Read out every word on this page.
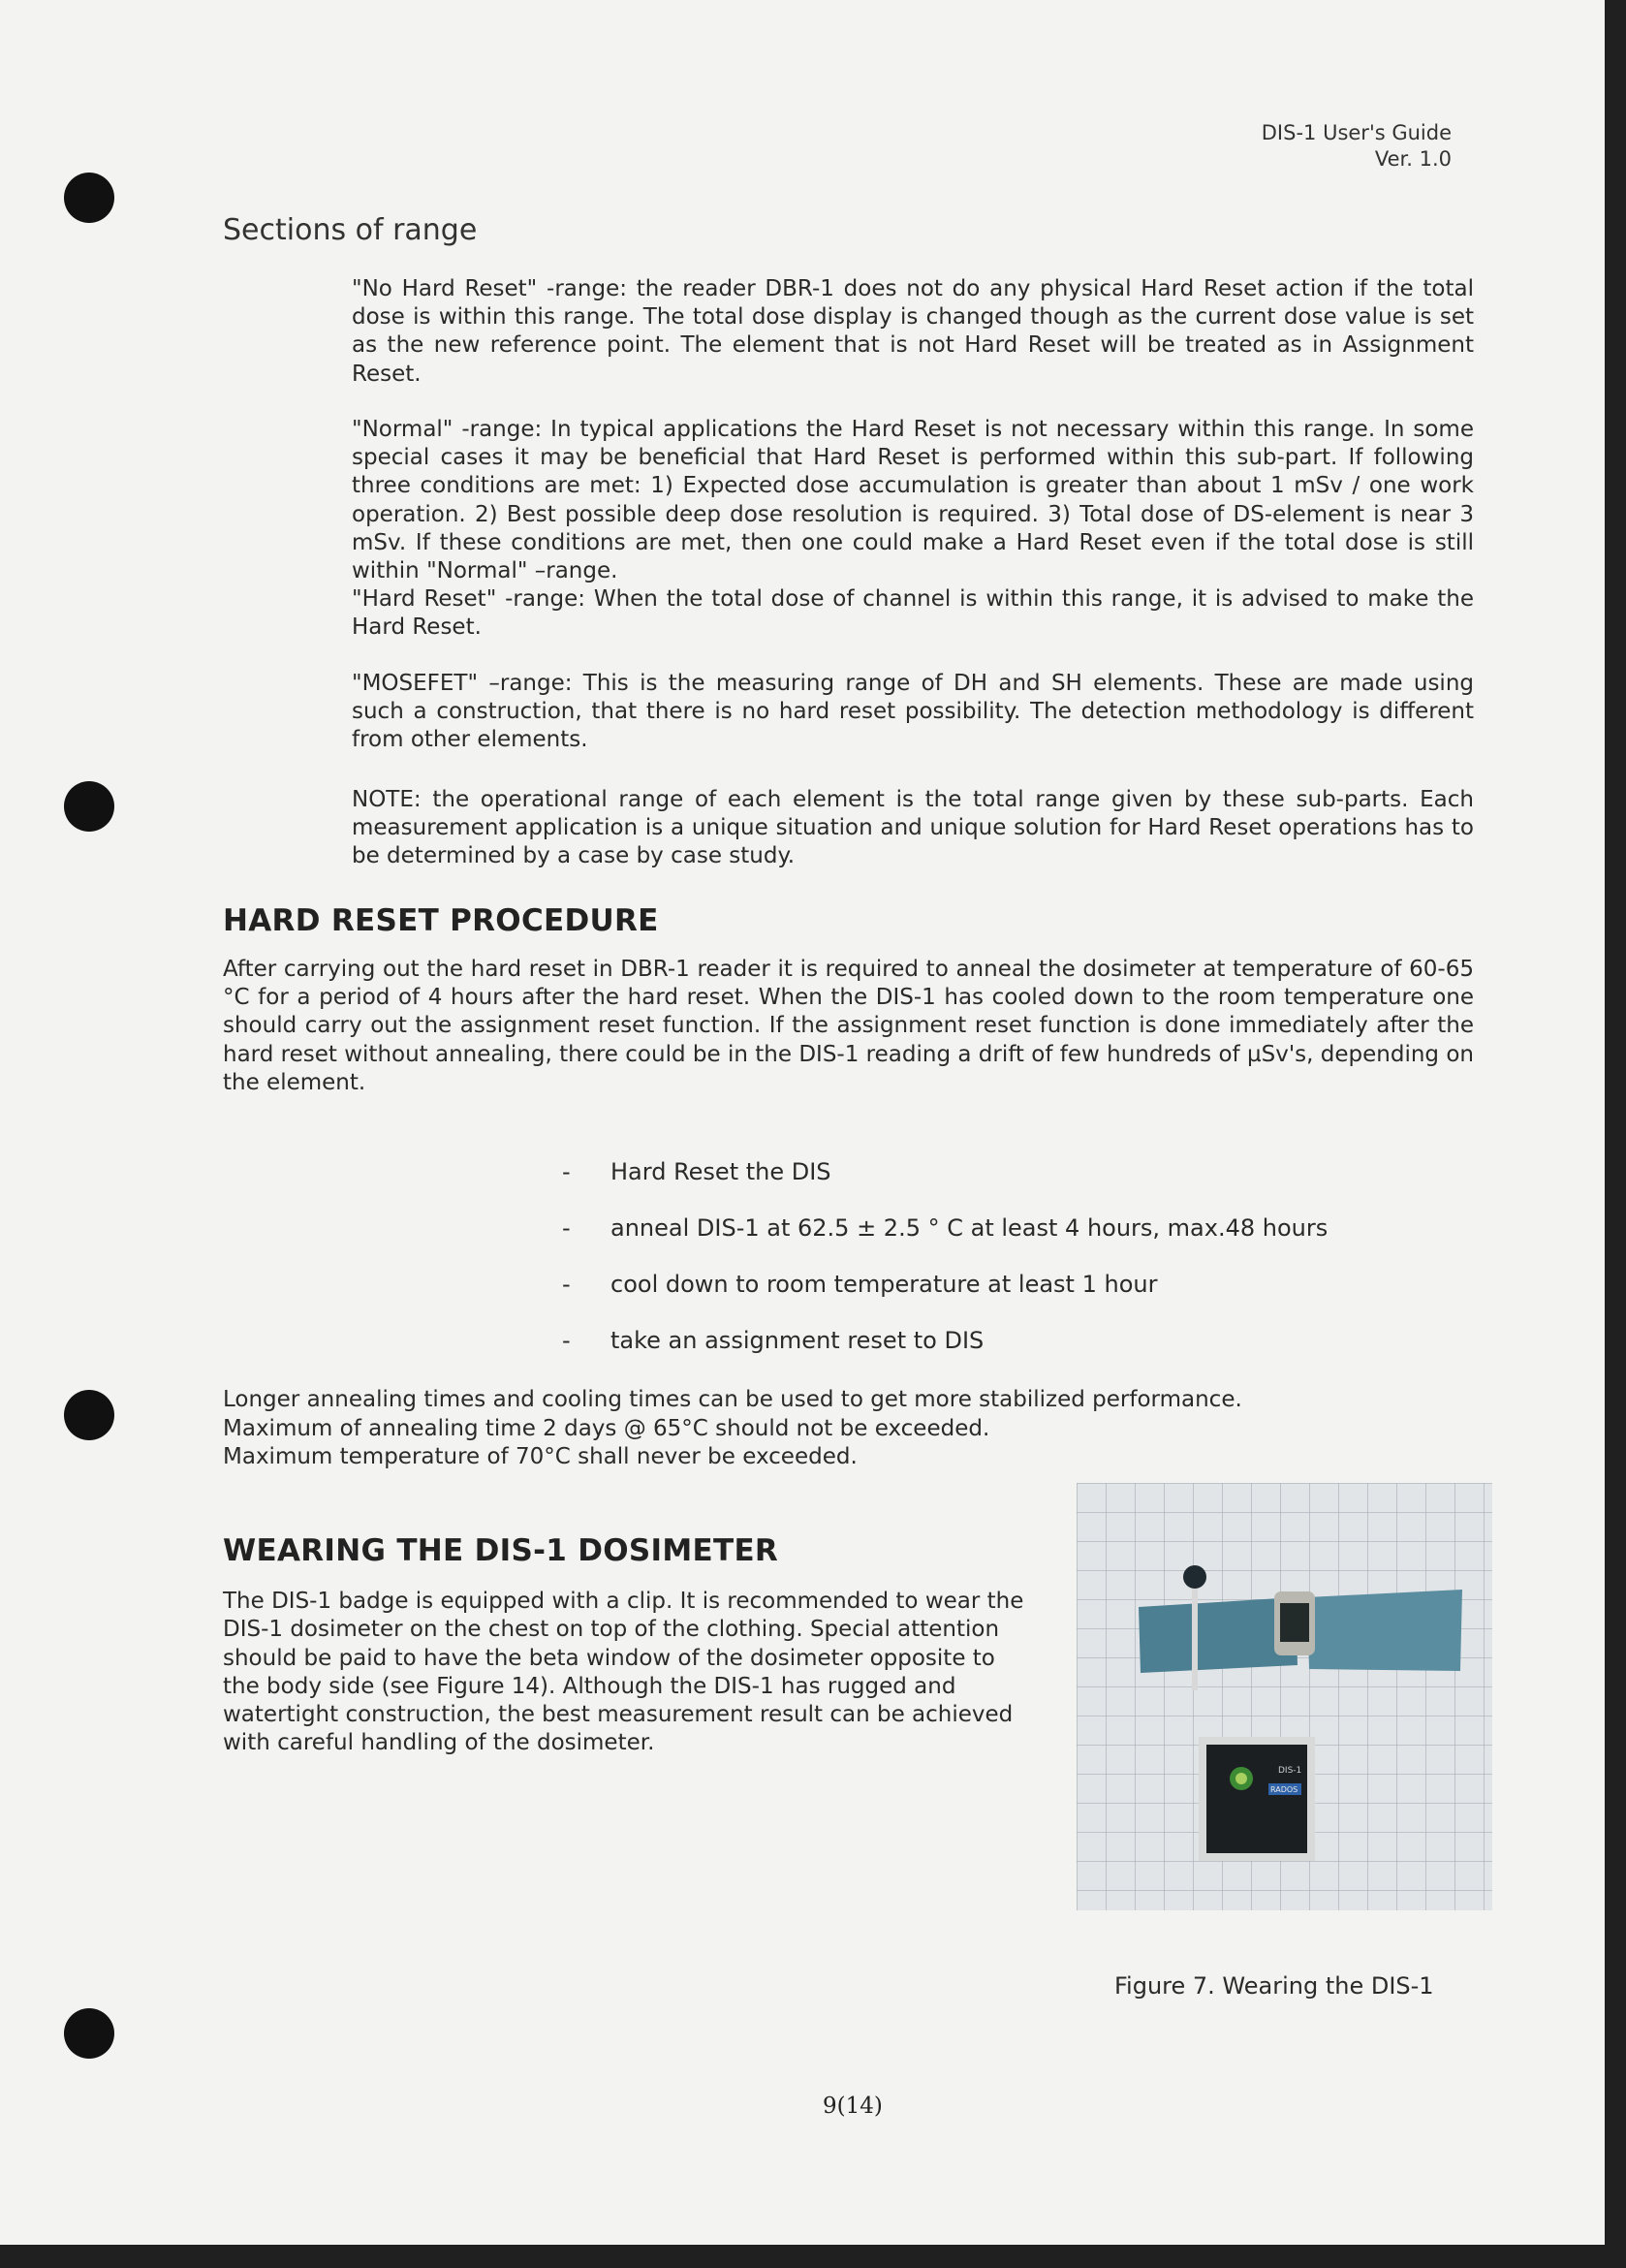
DIS-1 User's Guide
Ver. 1.0
Sections of range

"No Hard Reset" -range: the reader DBR-1 does not do any physical Hard Reset action if the total dose is within this range. The total dose display is changed though as the current dose value is set as the new reference point. The element that is not Hard Reset will be treated as in Assignment Reset.

"Normal" -range: In typical applications the Hard Reset is not necessary within this range. In some special cases it may be beneficial that Hard Reset is performed within this sub-part. If following three conditions are met: 1) Expected dose accumulation is greater than about 1 mSv / one work operation. 2) Best possible deep dose resolution is required. 3) Total dose of DS-element is near 3 mSv. If these conditions are met, then one could make a Hard Reset even if the total dose is still within "Normal" –range.

"Hard Reset" -range: When the total dose of channel is within this range, it is advised to make the Hard Reset.

"MOSEFET" –range: This is the measuring range of DH and SH elements. These are made using such a construction, that there is no hard reset possibility. The detection methodology is different from other elements.

NOTE: the operational range of each element is the total range given by these sub-parts. Each measurement application is a unique situation and unique solution for Hard Reset operations has to be determined by a case by case study.

HARD RESET PROCEDURE

After carrying out the hard reset in DBR-1 reader it is required to anneal the dosimeter at temperature of 60-65 °C for a period of 4 hours after the hard reset. When the DIS-1 has cooled down to the room temperature one should carry out the assignment reset function. If the assignment reset function is done immediately after the hard reset without annealing, there could be in the DIS-1 reading a drift of few hundreds of µSv's, depending on the element.

- Hard Reset the DIS
- anneal DIS-1 at 62.5 ± 2.5 ° C at least 4 hours, max.48 hours
- cool down to room temperature at least 1 hour
- take an assignment reset to DIS
Longer annealing times and cooling times can be used to get more stabilized performance.
Maximum of annealing time 2 days @ 65°C should not be exceeded.
Maximum temperature of 70°C shall never be exceeded.
WEARING THE DIS-1 DOSIMETER

The DIS-1 badge is equipped with a clip. It is recommended to wear the DIS-1 dosimeter on the chest on top of the clothing. Special attention should be paid to have the beta window of the dosimeter opposite to the body side (see Figure 14). Although the DIS-1 has rugged and watertight construction, the best measurement result can be achieved with careful handling of the dosimeter.

DIS-1
RADOS

Figure 7. Wearing the DIS-1

9(14)
